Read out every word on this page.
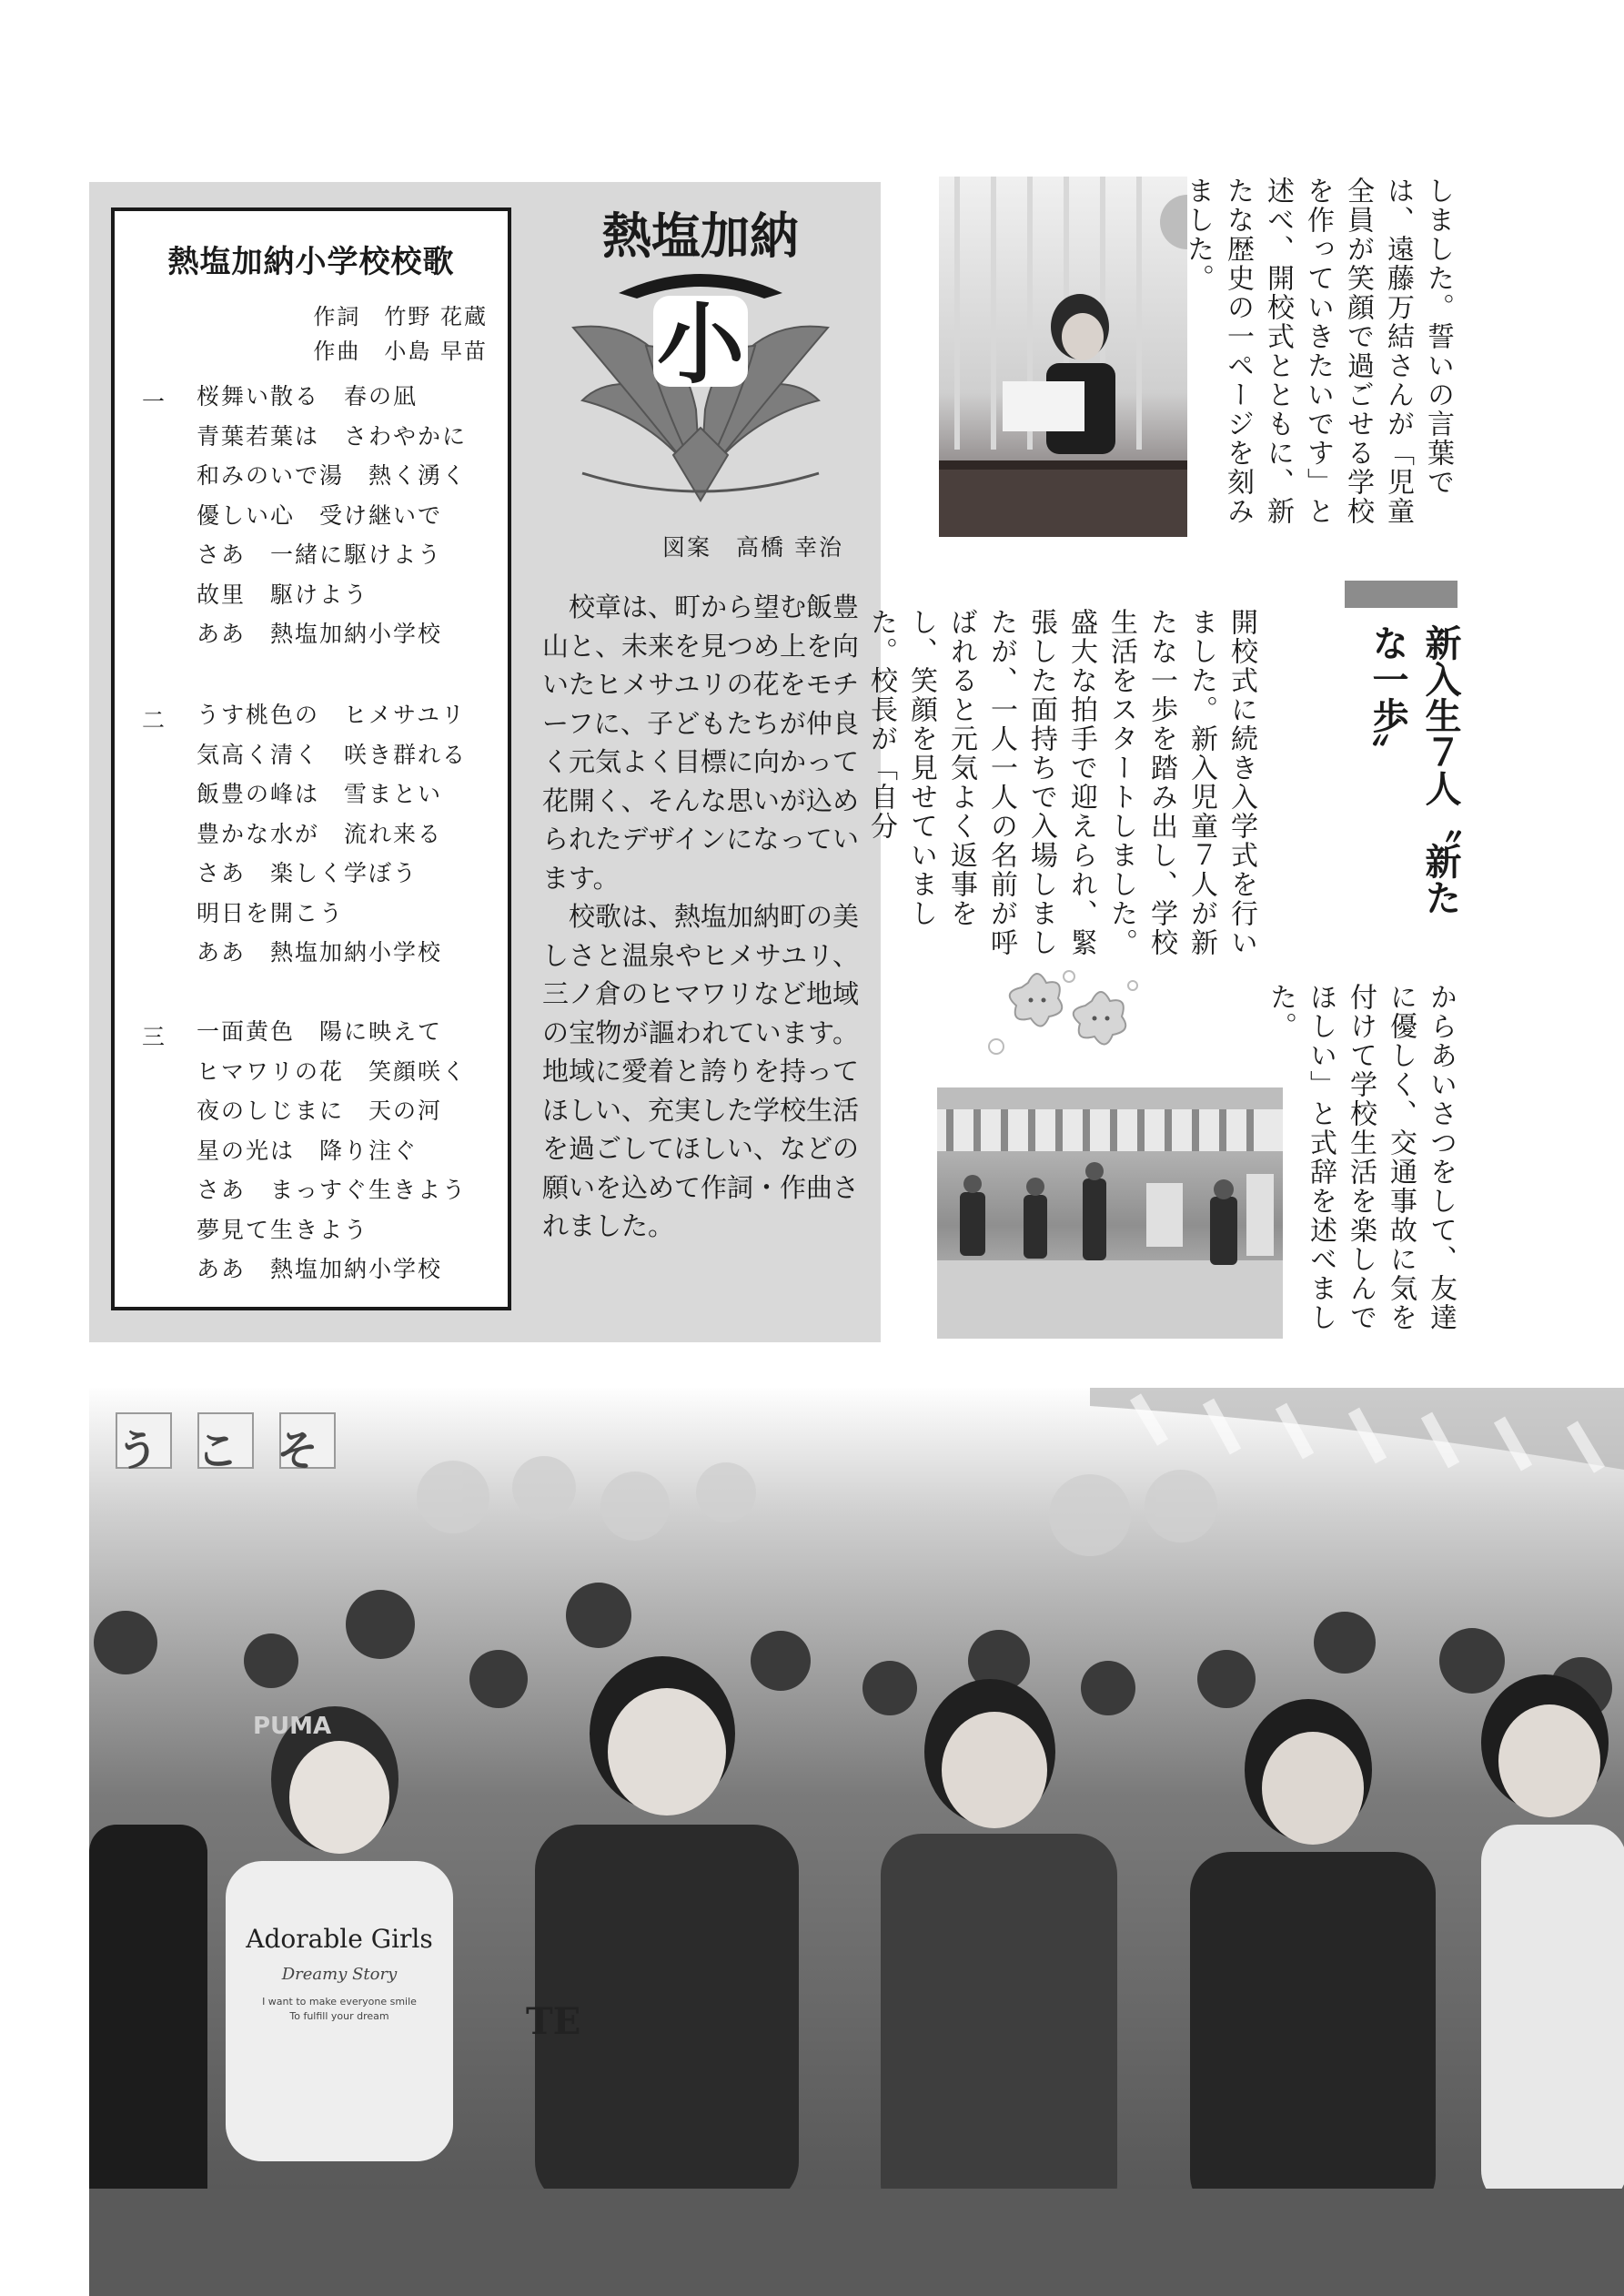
熱塩加納小学校校歌
作詞　竹野 花蔵
作曲　小島 早苗
一 桜舞い散る　春の凪
青葉若葉は　さわやかに
和みのいで湯　熱く湧く
優しい心　受け継いで
さあ　一緒に駆けよう
故里　駆けよう
ああ　熱塩加納小学校
二 うす桃色の　ヒメサユリ
気高く清く　咲き群れる
飯豊の峰は　雪まとい
豊かな水が　流れ来る
さあ　楽しく学ぼう
明日を開こう
ああ　熱塩加納小学校
三 一面黄色　陽に映えて
ヒマワリの花　笑顔咲く
夜のしじまに　天の河
星の光は　降り注ぐ
さあ　まっすぐ生きよう
夢見て生きよう
ああ　熱塩加納小学校
熱塩加納
小
図案　高橋 幸治

校章は、町から望む飯豊山と、未来を見つめ上を向いたヒメサユリの花をモチーフに、子どもたちが仲良く元気よく目標に向かって花開く、そんな思いが込められたデザインになっています。

校歌は、熱塩加納町の美しさと温泉やヒメサユリ、三ノ倉のヒマワリなど地域の宝物が謳われています。地域に愛着と誇りを持ってほしい、充実した学校生活を過ごしてほしい、などの願いを込めて作詞・作曲されました。

Adorable Girls
Dreamy Story
I want to make everyone smile
To fulfill your dream	TE
PUMA
うこそ
しました。誓いの言葉では、遠藤万結さんが「児童全員が笑顔で過ごせる学校を作っていきたいです」と述べ、開校式とともに、新たな歴史の一ページを刻みました。
新入生７人〝新たな一歩〟
開校式に続き入学式を行いました。新入児童７人が新たな一歩を踏み出し、学校生活をスタートしました。盛大な拍手で迎えられ、緊張した面持ちで入場しましたが、一人一人の名前が呼ばれると元気よく返事をし、笑顔を見せていました。校長が「自分
からあいさつをして、友達に優しく、交通事故に気を付けて学校生活を楽しんでほしい」と式辞を述べました。
